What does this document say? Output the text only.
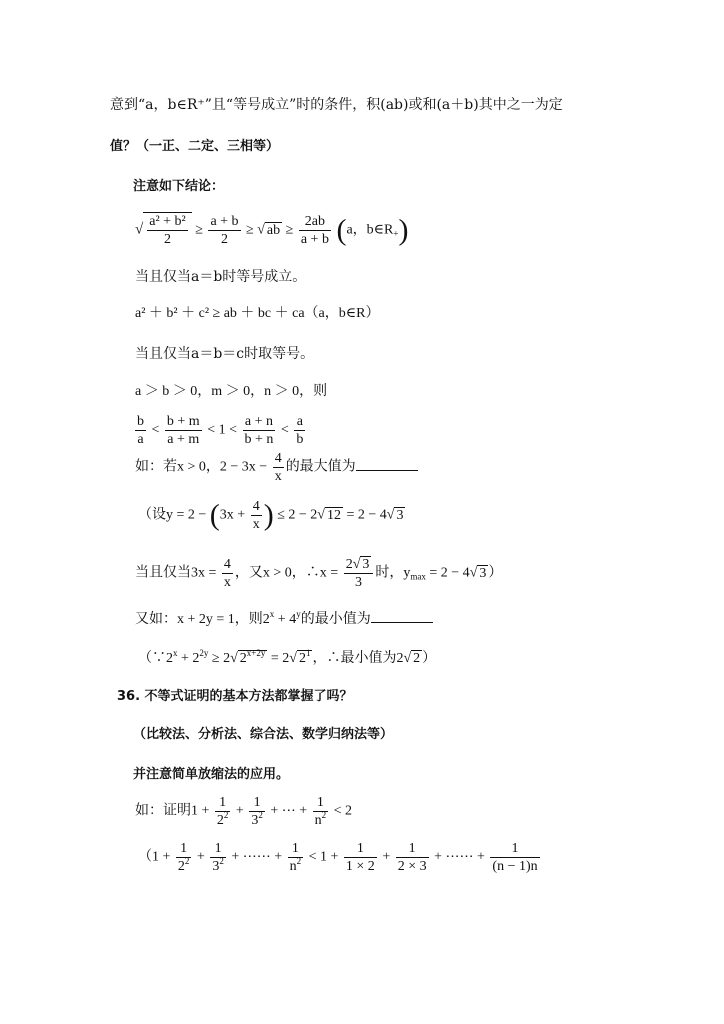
意到“a，b∈R⁺”且“等号成立”时的条件，积(ab)或和(a＋b)其中之一为定
值？（一正、二定、三相等）
注意如下结论：
√ $\frac{\text{a² + b²}}{2} \ge \frac{a + b}{2}$ ≥ √ ab ≥ $\frac{2ab}{a + b} (a$，$b\in R_+$)
当且仅当a＝b时等号成立。
a² ＋ b² ＋ c² ≥ ab ＋ bc ＋ ca（a，b∈R）
当且仅当a＝b＝c时取等号。
a ＞ b ＞ 0，m ＞ 0，n ＞ 0，则
$\frac{b}{a} < \frac{b + m}{a + m} < 1 < \frac{a + n}{b + n} < \frac{a}{b}$
如：若x > 0，$2 - 3x - \frac{4}{x}$ 的最大值为
（设$y = 2 - (3x + \frac{4}{x}$ ) ≤ 2 − 2√ 12 = 2 − 4√ 3
当且仅当$3x = \frac{4}{x}$ ，又x > 0，∴x = $\frac{2√ 3}{3}$ 时，$y_{max} = 2 - 4√$ 3 ）
又如：x + 2y = 1，则$2^x + 4^y$的最小值为
（$\because 2^x + 2^{2y} \ge 2√$ $2^{x+2y} = 2√$ $2^1$ ，∴最小值为2√ 2 ）
36. 不等式证明的基本方法都掌握了吗？
（比较法、分析法、综合法、数学归纳法等）
并注意简单放缩法的应用。
如：证明$1 + \frac{1}{2^2} + \frac{1}{3^2}$ + ⋯ + $\frac{1}{n^2} < 2$
（$1 + \frac{1}{2^2} + \frac{1}{3^2}$ + ⋯⋯ + $\frac{1}{n^2} < 1 + \frac{1}{1 \times 2} + \frac{1}{2 \times 3}$ + ⋯⋯ + $\frac{1}{(n - 1)n}$
